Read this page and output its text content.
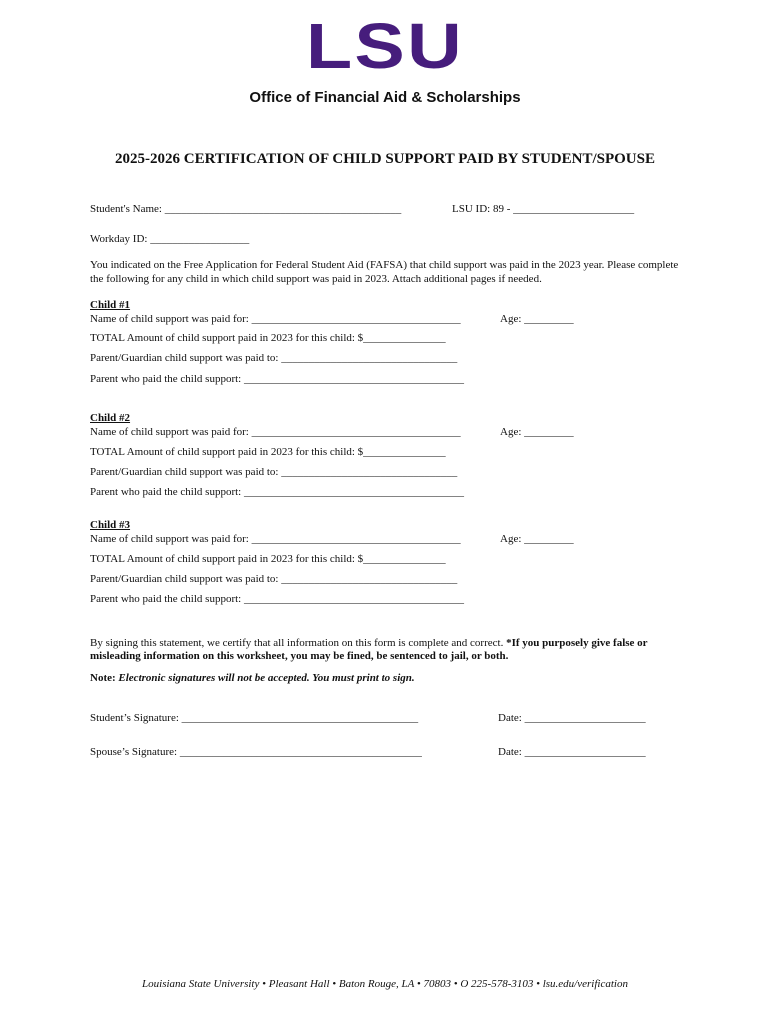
LSU
Office of Financial Aid & Scholarships
2025-2026 CERTIFICATION OF CHILD SUPPORT PAID BY STUDENT/SPOUSE
Student's Name: ___________________________________________	LSU ID: 89 - ______________________
Workday ID: __________________
You indicated on the Free Application for Federal Student Aid (FAFSA) that child support was paid in the 2023 year. Please complete the following for any child in which child support was paid in 2023. Attach additional pages if needed.
Child #1
Name of child support was paid for: ______________________________________	Age: _________
TOTAL Amount of child support paid in 2023 for this child: $_______________
Parent/Guardian child support was paid to: ________________________________
Parent who paid the child support: ________________________________________
Child #2
Name of child support was paid for: ______________________________________	Age: _________
TOTAL Amount of child support paid in 2023 for this child: $_______________
Parent/Guardian child support was paid to: ________________________________
Parent who paid the child support: ________________________________________
Child #3
Name of child support was paid for: ______________________________________	Age: _________
TOTAL Amount of child support paid in 2023 for this child: $_______________
Parent/Guardian child support was paid to: ________________________________
Parent who paid the child support: ________________________________________
By signing this statement, we certify that all information on this form is complete and correct. *If you purposely give false or misleading information on this worksheet, you may be fined, be sentenced to jail, or both.
Note: Electronic signatures will not be accepted. You must print to sign.
Student’s Signature: ___________________________________________	Date: ______________________
Spouse’s Signature: ____________________________________________	Date: ______________________
Louisiana State University • Pleasant Hall • Baton Rouge, LA • 70803 • O 225-578-3103 • lsu.edu/verification
